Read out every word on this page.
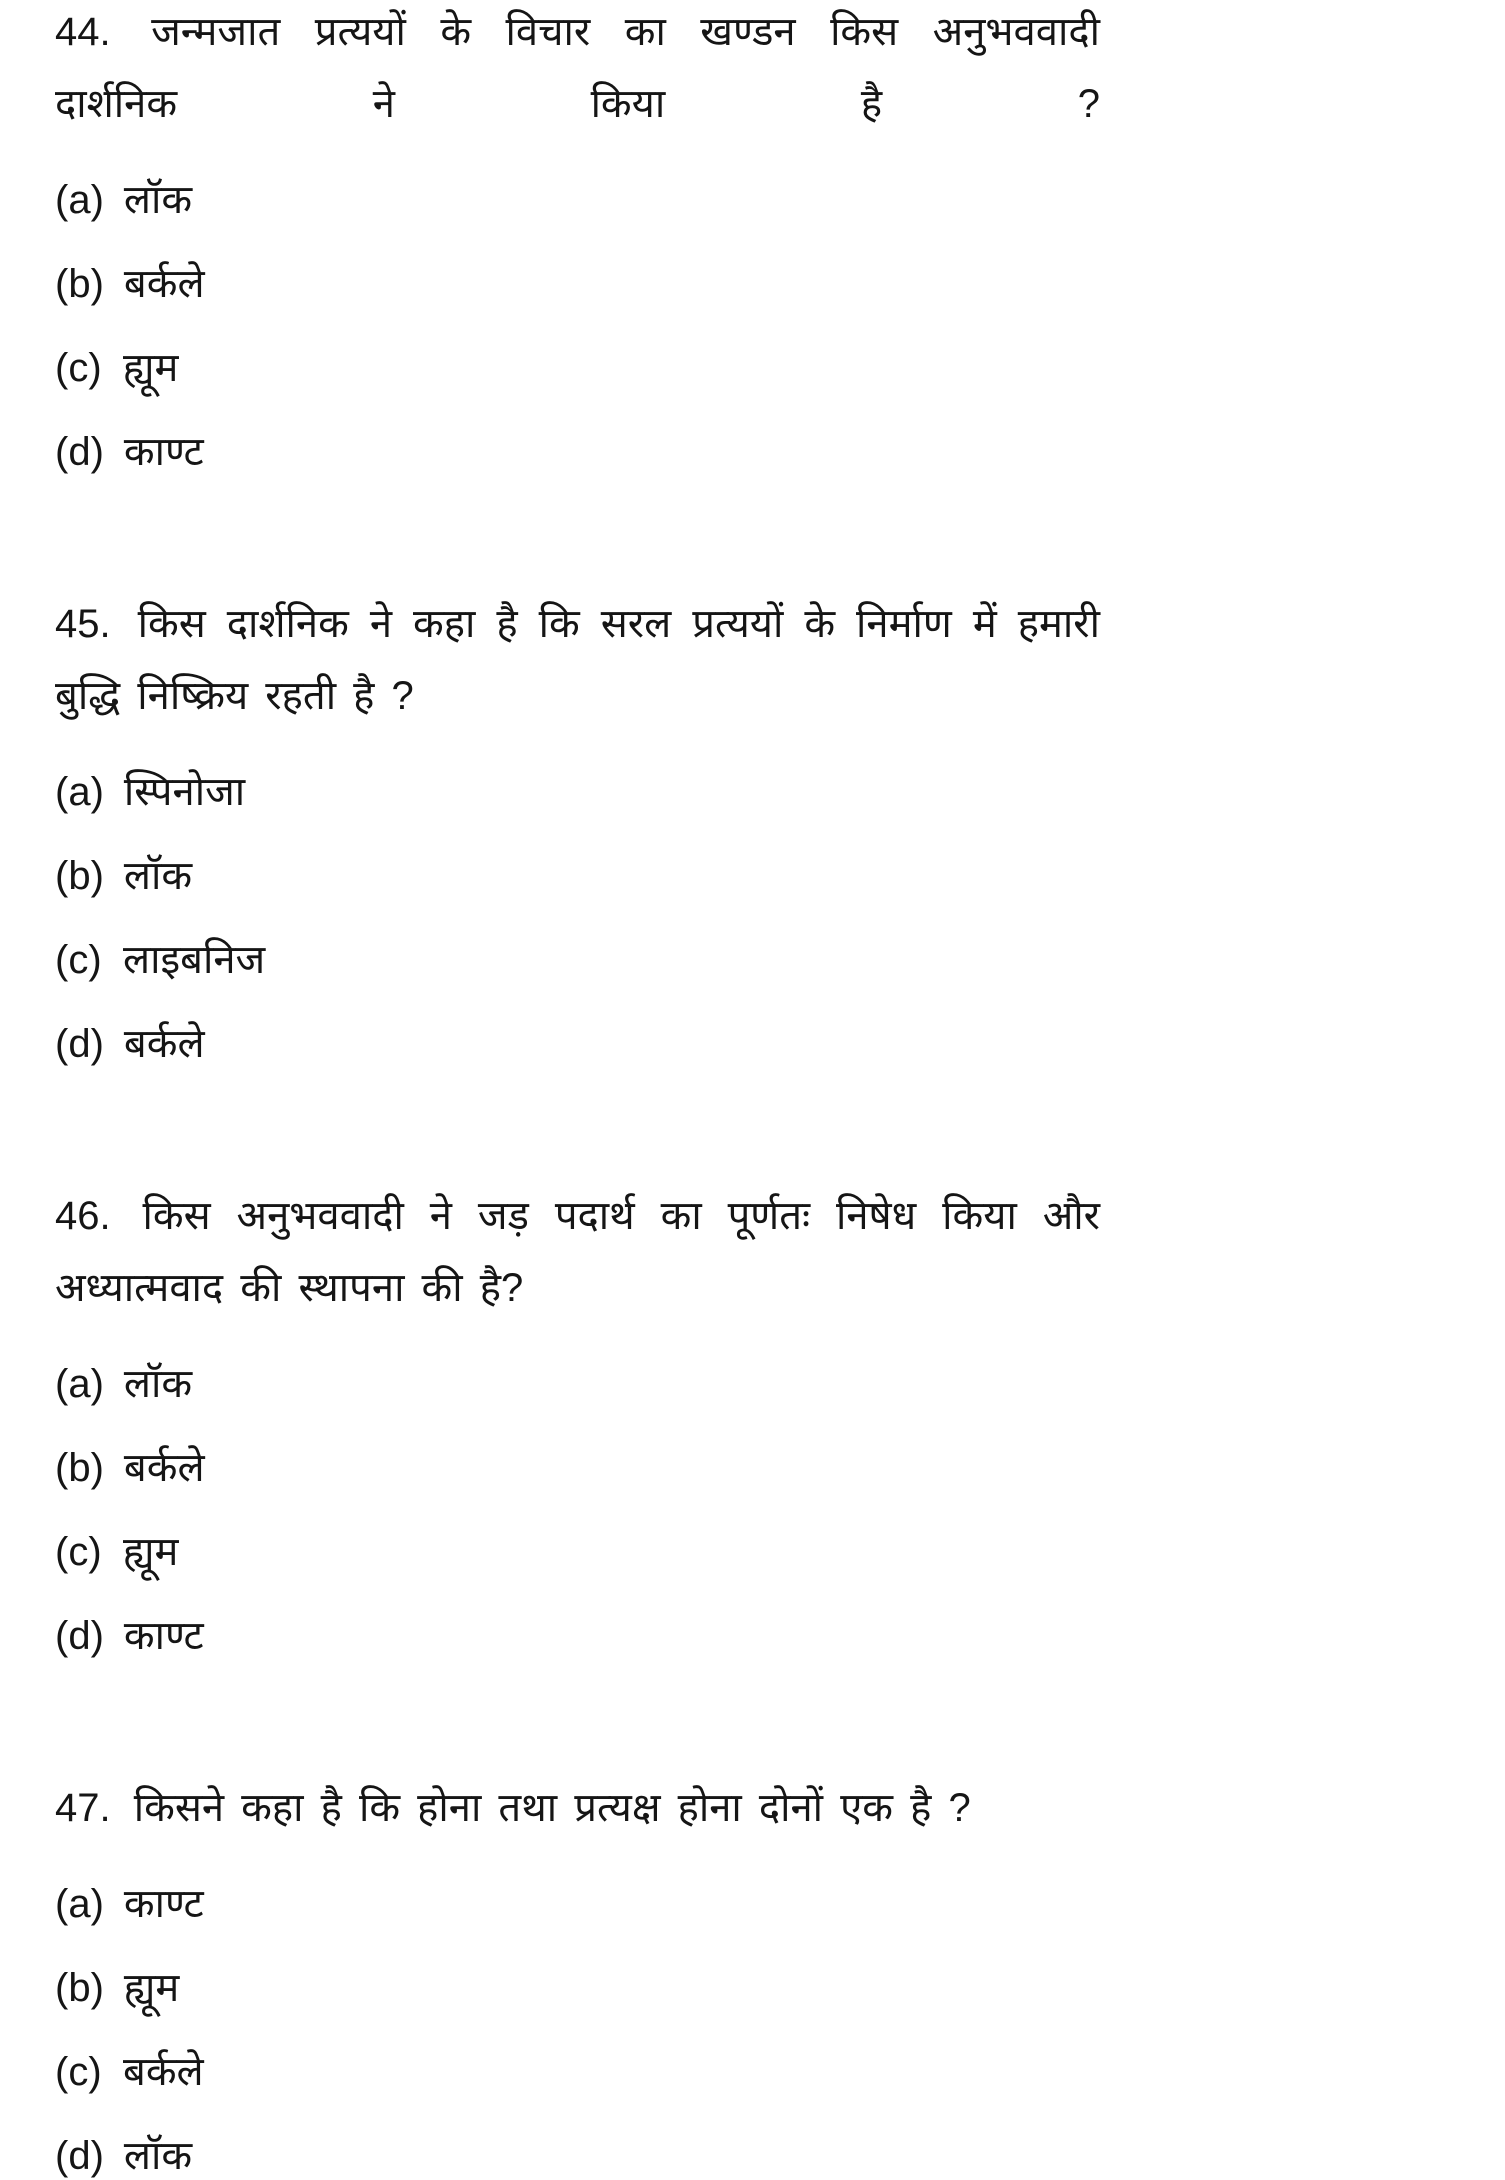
44. जन्मजात प्रत्ययों के विचार का खण्डन किस अनुभववादी दार्शनिक ने किया है ?

(a) लॉक
(b) बर्कले
(c) ह्यूम
(d) काण्ट

45. किस दार्शनिक ने कहा है कि सरल प्रत्ययों के निर्माण में हमारी बुद्धि निष्क्रिय रहती है ?

(a) स्पिनोजा
(b) लॉक
(c) लाइबनिज
(d) बर्कले

46. किस अनुभववादी ने जड़ पदार्थ का पूर्णतः निषेध किया और अध्यात्मवाद की स्थापना की है?

(a) लॉक
(b) बर्कले
(c) ह्यूम
(d) काण्ट

47. किसने कहा है कि होना तथा प्रत्यक्ष होना दोनों एक है ?

(a) काण्ट
(b) ह्यूम
(c) बर्कले
(d) लॉक
